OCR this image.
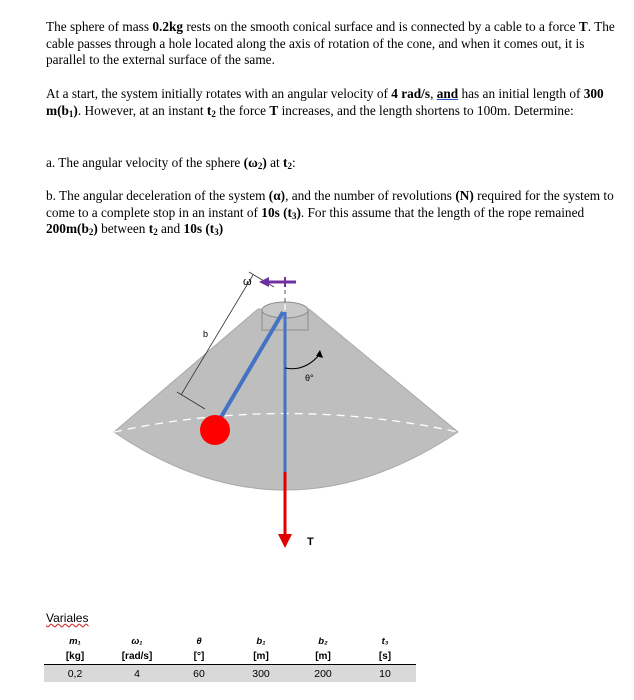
The sphere of mass 0.2kg rests on the smooth conical surface and is connected by a cable to a force T. The cable passes through a hole located along the axis of rotation of the cone, and when it comes out, it is parallel to the external surface of the same.

At a start, the system initially rotates with an angular velocity of 4 rad/s, and has an initial length of 300 $m(b_1)$. However, at an instant $t_2$ the force T increases, and the length shortens to 100m. Determine:

a. The angular velocity of the sphere $(\omega_2)$ at $t_2$:

b. The angular deceleration of the system (α), and the number of revolutions (N) required for the system to come to a complete stop in an instant of 10s $(t_3)$. For this assume that the length of the rope remained $200m(b_2)$ between $t_2$ and 10s $(t_3)$

b
θ°
T
ω
Variales
m₁	ω₁	θ	b₁	b₂	t₃
[kg]	[rad/s]	[°]	[m]	[m]	[s]
0,2	4	60	300	200	10
